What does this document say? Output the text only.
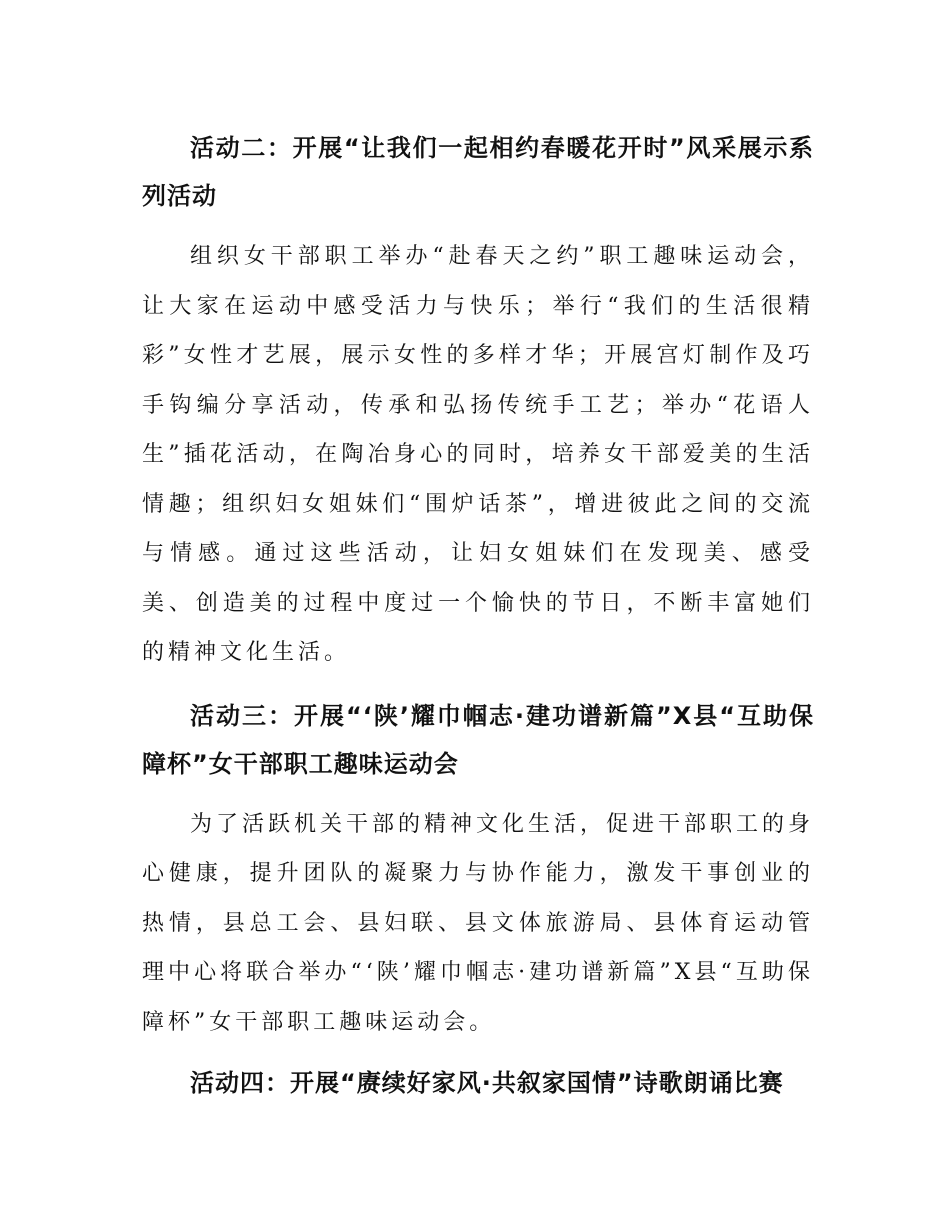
活动二：开展“让我们一起相约春暖花开时”风采展示系列活动

组织女干部职工举办“赴春天之约”职工趣味运动会，让大家在运动中感受活力与快乐；举行“我们的生活很精彩”女性才艺展，展示女性的多样才华；开展宫灯制作及巧手钩编分享活动，传承和弘扬传统手工艺；举办“花语人生”插花活动，在陶冶身心的同时，培养女干部爱美的生活情趣；组织妇女姐妹们“围炉话茶”，增进彼此之间的交流与情感。通过这些活动，让妇女姐妹们在发现美、感受美、创造美的过程中度过一个愉快的节日，不断丰富她们的精神文化生活。

活动三：开展“‘陕’耀巾帼志·建功谱新篇”X县“互助保障杯”女干部职工趣味运动会

为了活跃机关干部的精神文化生活，促进干部职工的身心健康，提升团队的凝聚力与协作能力，激发干事创业的热情，县总工会、县妇联、县文体旅游局、县体育运动管理中心将联合举办“‘陕’耀巾帼志·建功谱新篇”X县“互助保障杯”女干部职工趣味运动会。

活动四：开展“赓续好家风·共叙家国情”诗歌朗诵比赛
